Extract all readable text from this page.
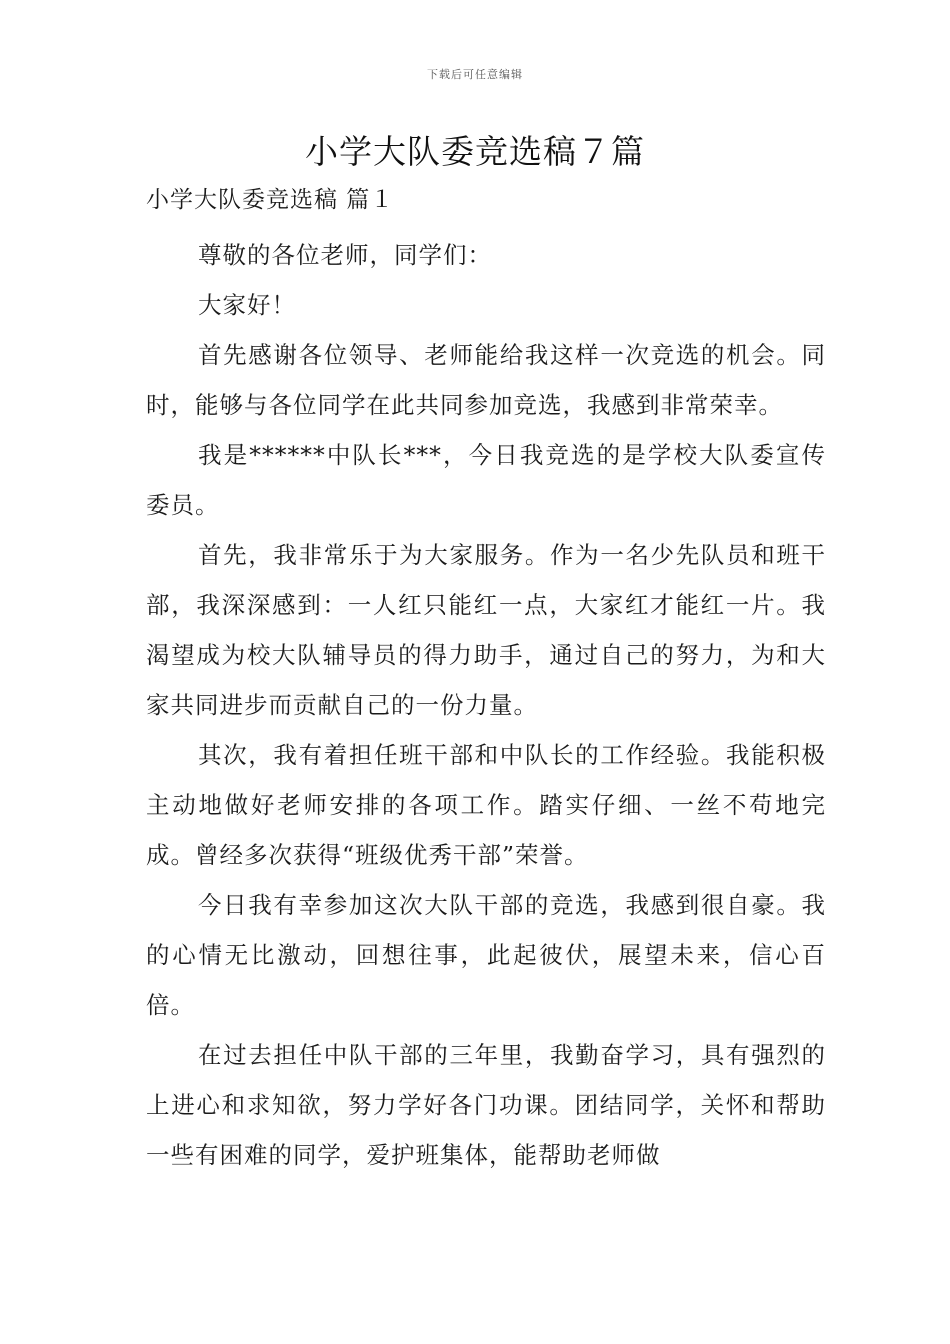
下载后可任意编辑
小学大队委竞选稿７篇
小学大队委竞选稿 篇１

尊敬的各位老师，同学们：

大家好！

首先感谢各位领导、老师能给我这样一次竞选的机会。同时，能够与各位同学在此共同参加竞选，我感到非常荣幸。

我是******中队长***，今日我竞选的是学校大队委宣传委员。

首先，我非常乐于为大家服务。作为一名少先队员和班干部，我深深感到：一人红只能红一点，大家红才能红一片。我渴望成为校大队辅导员的得力助手，通过自己的努力，为和大家共同进步而贡献自己的一份力量。

其次，我有着担任班干部和中队长的工作经验。我能积极主动地做好老师安排的各项工作。踏实仔细、一丝不苟地完成。曾经多次获得“班级优秀干部”荣誉。

今日我有幸参加这次大队干部的竞选，我感到很自豪。我的心情无比激动，回想往事，此起彼伏，展望未来，信心百倍。

在过去担任中队干部的三年里，我勤奋学习，具有强烈的上进心和求知欲，努力学好各门功课。团结同学，关怀和帮助一些有困难的同学，爱护班集体，能帮助老师做
